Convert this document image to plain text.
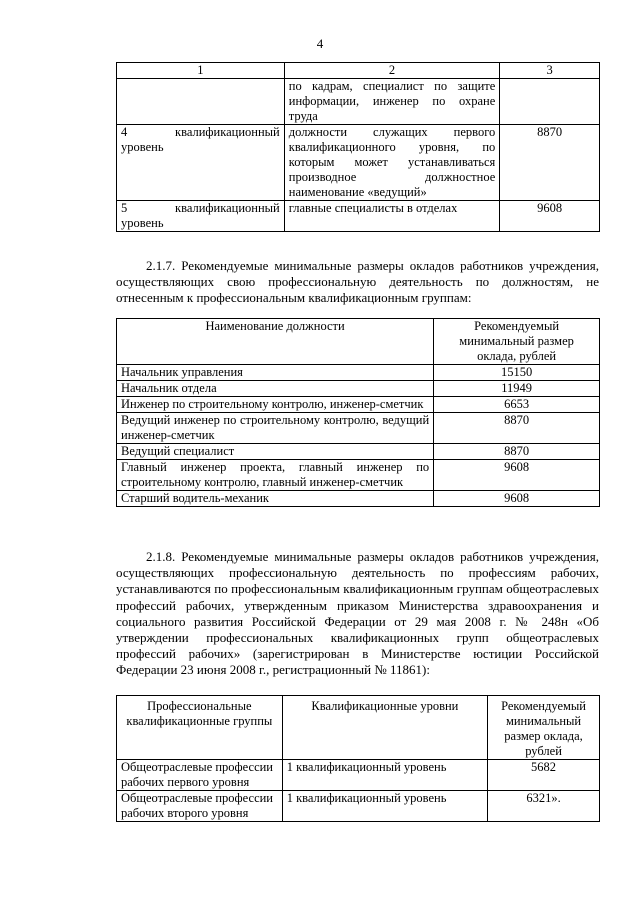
4
1	2	3
	по кадрам, специалист по защите информации, инженер по охране труда	
4 квалификационный уровень	должности служащих первого квалификационного уровня, по которым может устанавливаться производное должностное наименование «ведущий»	8870
5 квалификационный уровень	главные специалисты в отделах	9608

2.1.7. Рекомендуемые минимальные размеры окладов работников учреждения, осуществляющих свою профессиональную деятельность по должностям, не отнесенным к профессиональным квалификационным группам:

Наименование должности	Рекомендуемый минимальный размер оклада, рублей
Начальник управления	15150
Начальник отдела	11949
Инженер по строительному контролю, инженер-сметчик	6653
Ведущий инженер по строительному контролю, ведущий инженер-сметчик	8870
Ведущий специалист	8870
Главный инженер проекта, главный инженер по строительному контролю, главный инженер-сметчик	9608
Старший водитель-механик	9608

2.1.8. Рекомендуемые минимальные размеры окладов работников учреждения, осуществляющих профессиональную деятельность по профессиям рабочих, устанавливаются по профессиональным квалификационным группам общеотраслевых профессий рабочих, утвержденным приказом Министерства здравоохранения и социального развития Российской Федерации от 29 мая 2008 г. № 248н «Об утверждении профессиональных квалификационных групп общеотраслевых профессий рабочих» (зарегистрирован в Министерстве юстиции Российской Федерации 23 июня 2008 г., регистрационный № 11861):

Профессиональные квалификационные группы	Квалификационные уровни	Рекомендуемый минимальный размер оклада, рублей
Общеотраслевые профессии рабочих первого уровня	1 квалификационный уровень	5682
Общеотраслевые профессии рабочих второго уровня	1 квалификационный уровень	6321».
